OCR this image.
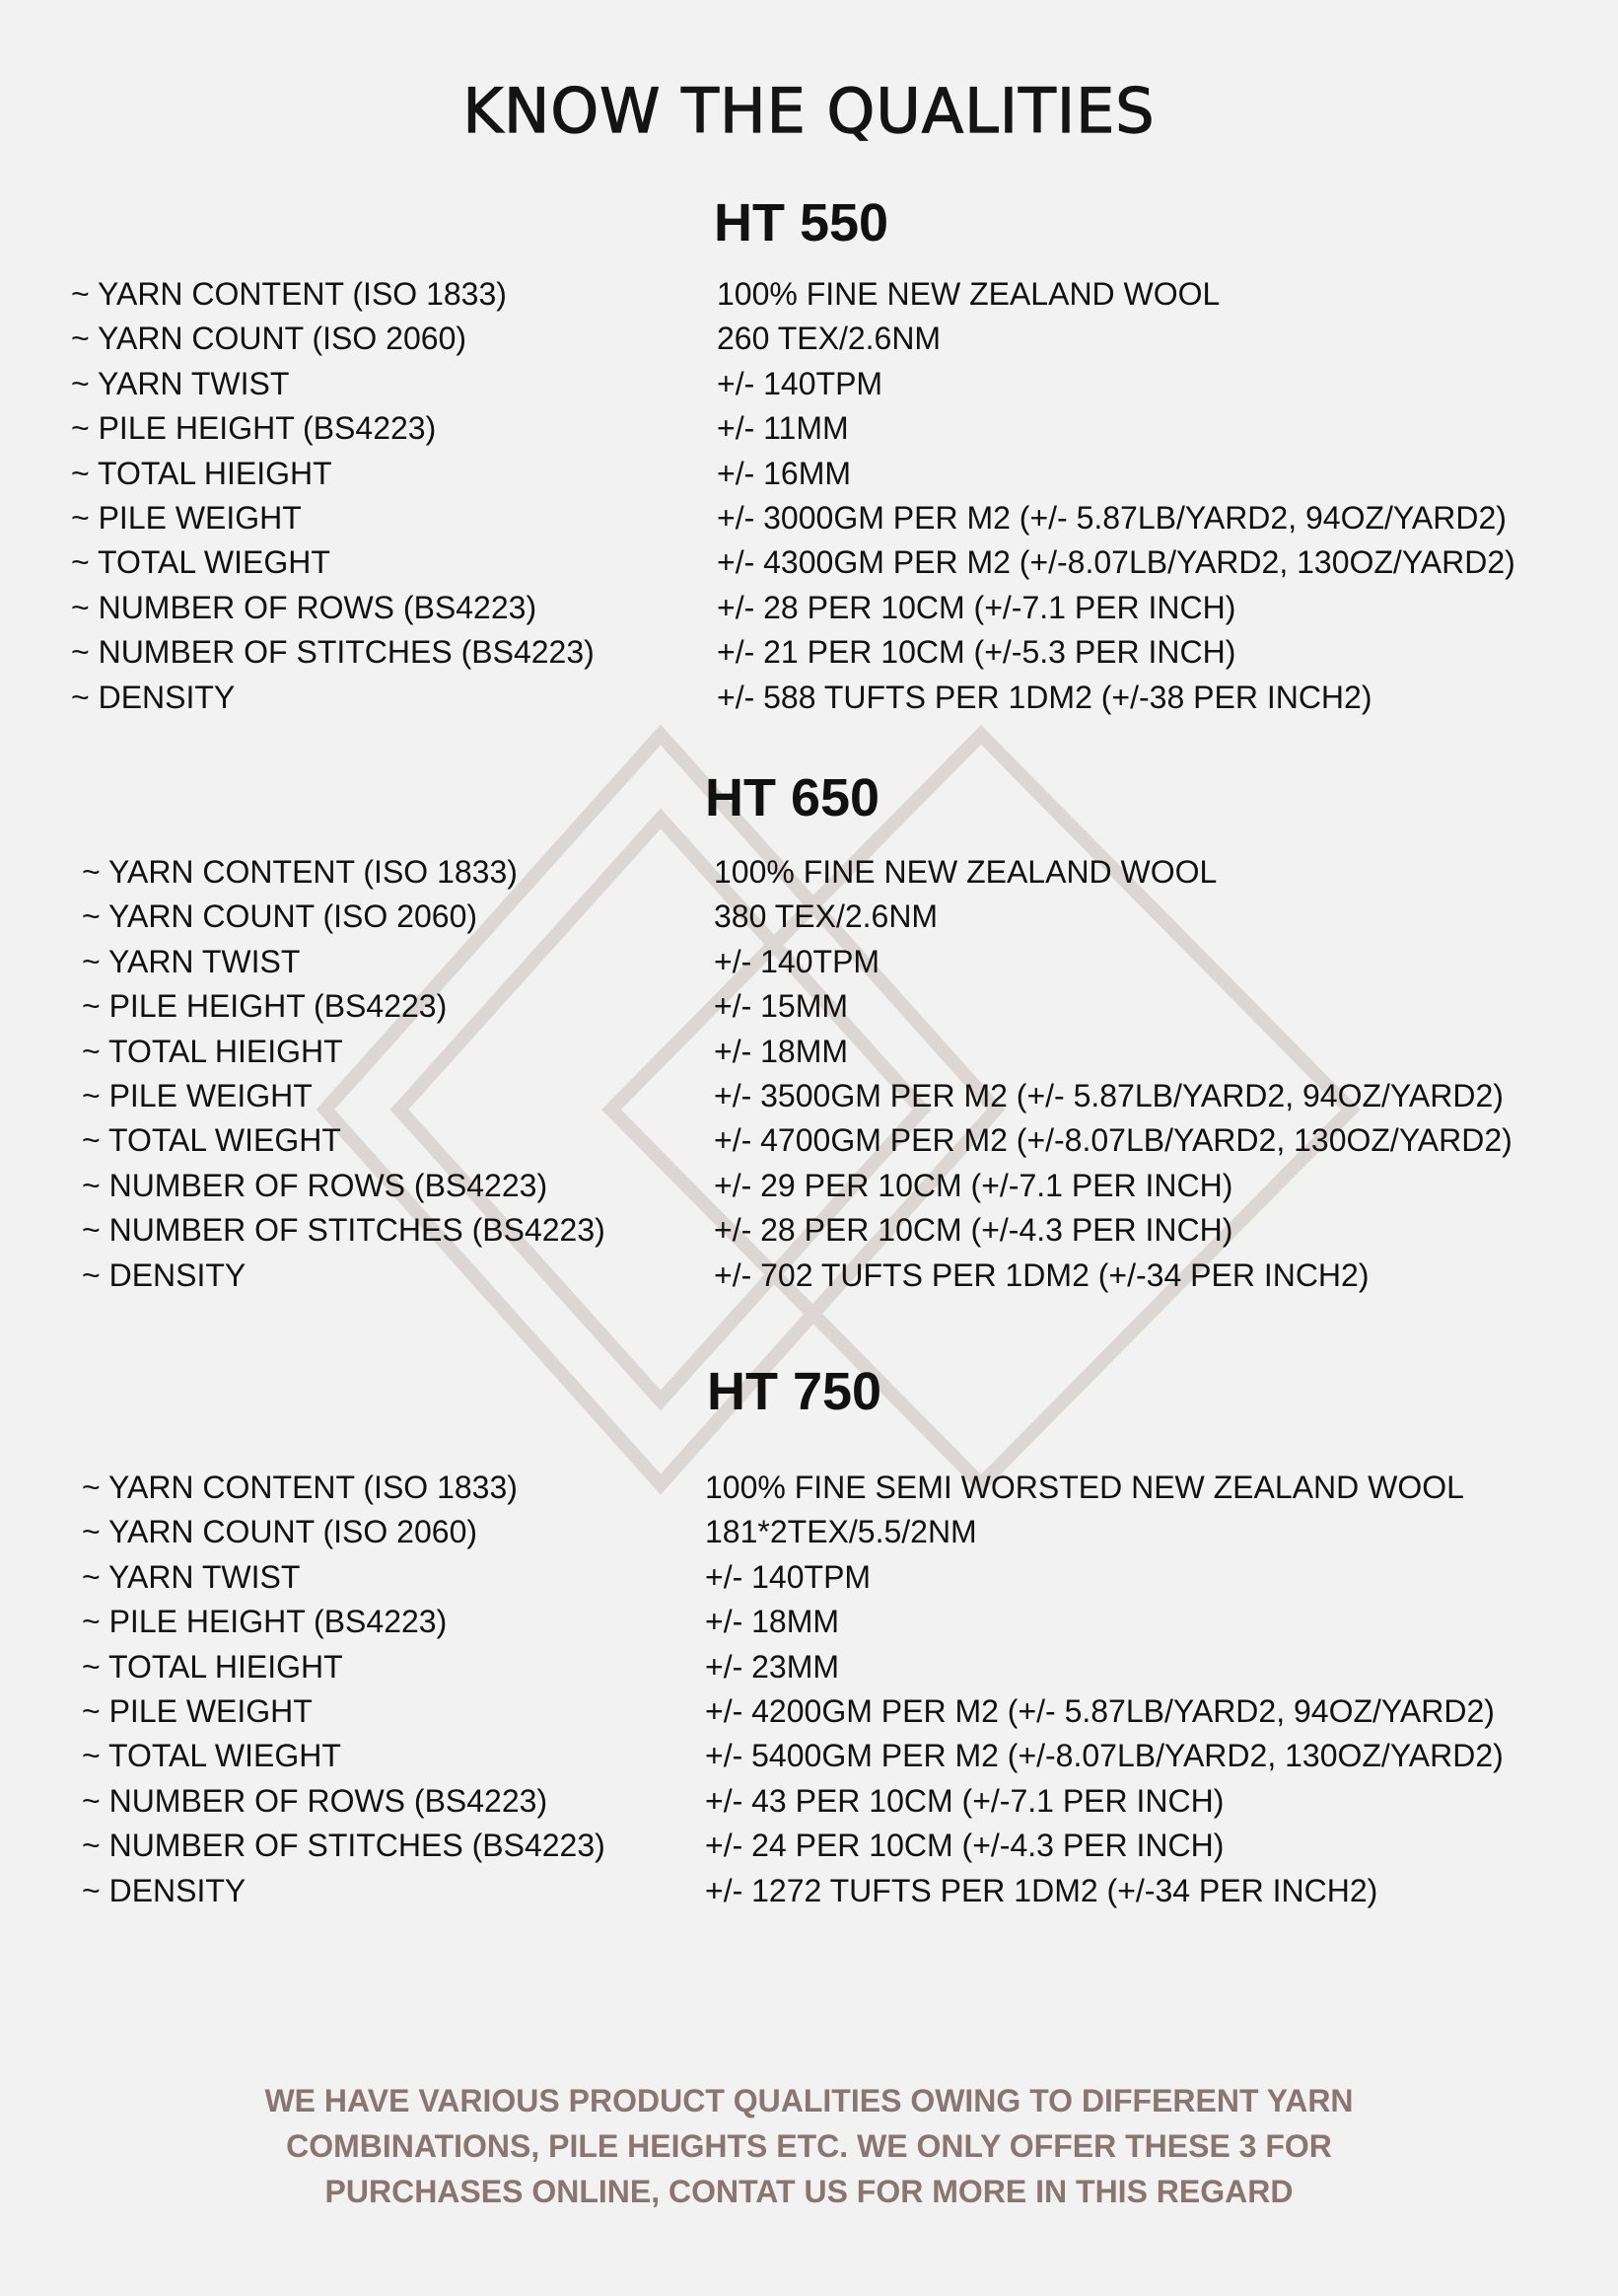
KNOW THE QUALITIES
HT 550
~ YARN CONTENT (ISO 1833)	100% FINE NEW ZEALAND WOOL
~ YARN COUNT (ISO 2060)	260 TEX/2.6NM
~ YARN TWIST	+/- 140TPM
~ PILE HEIGHT (BS4223)	+/- 11MM
~ TOTAL HIEIGHT	+/- 16MM
~ PILE WEIGHT	+/- 3000GM PER M2 (+/- 5.87LB/YARD2, 94OZ/YARD2)
~ TOTAL WIEGHT	+/- 4300GM PER M2 (+/-8.07LB/YARD2, 130OZ/YARD2)
~ NUMBER OF ROWS (BS4223)	+/- 28 PER 10CM (+/-7.1 PER INCH)
~ NUMBER OF STITCHES (BS4223)	+/- 21 PER 10CM (+/-5.3 PER INCH)
~ DENSITY	+/- 588 TUFTS PER 1DM2 (+/-38 PER INCH2)
HT 650
~ YARN CONTENT (ISO 1833)	100% FINE NEW ZEALAND WOOL
~ YARN COUNT (ISO 2060)	380 TEX/2.6NM
~ YARN TWIST	+/- 140TPM
~ PILE HEIGHT (BS4223)	+/- 15MM
~ TOTAL HIEIGHT	+/- 18MM
~ PILE WEIGHT	+/- 3500GM PER M2 (+/- 5.87LB/YARD2, 94OZ/YARD2)
~ TOTAL WIEGHT	+/- 4700GM PER M2 (+/-8.07LB/YARD2, 130OZ/YARD2)
~ NUMBER OF ROWS (BS4223)	+/- 29 PER 10CM (+/-7.1 PER INCH)
~ NUMBER OF STITCHES (BS4223)	+/- 28 PER 10CM (+/-4.3 PER INCH)
~ DENSITY	+/- 702 TUFTS PER 1DM2 (+/-34 PER INCH2)
HT 750
~ YARN CONTENT (ISO 1833)	100% FINE SEMI WORSTED NEW ZEALAND WOOL
~ YARN COUNT (ISO 2060)	181*2TEX/5.5/2NM
~ YARN TWIST	+/- 140TPM
~ PILE HEIGHT (BS4223)	+/- 18MM
~ TOTAL HIEIGHT	+/- 23MM
~ PILE WEIGHT	+/- 4200GM PER M2 (+/- 5.87LB/YARD2, 94OZ/YARD2)
~ TOTAL WIEGHT	+/- 5400GM PER M2 (+/-8.07LB/YARD2, 130OZ/YARD2)
~ NUMBER OF ROWS (BS4223)	+/- 43 PER 10CM (+/-7.1 PER INCH)
~ NUMBER OF STITCHES (BS4223)	+/- 24 PER 10CM (+/-4.3 PER INCH)
~ DENSITY	+/- 1272 TUFTS PER 1DM2 (+/-34 PER INCH2)
WE HAVE VARIOUS PRODUCT QUALITIES OWING TO DIFFERENT YARN
COMBINATIONS, PILE HEIGHTS ETC. WE ONLY OFFER THESE 3 FOR
PURCHASES ONLINE, CONTAT US FOR MORE IN THIS REGARD
